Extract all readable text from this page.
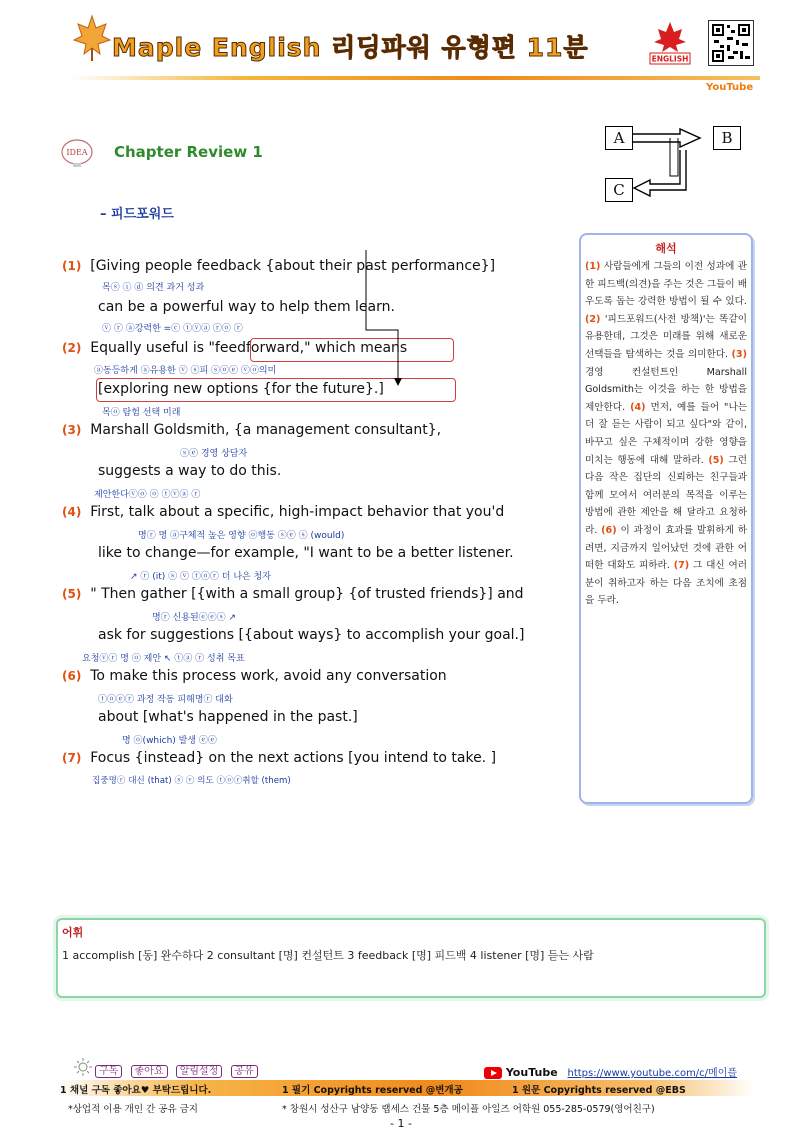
Maple English 리딩파워 유형편 11분	ENGLISH
YouTube
IDEA Chapter Review 1
– 피드포워드
A	B
C
(1) [Giving people feedback {about their past performance}]
목ⓢ ⓘ ⓓ 의견 과거 성과
can be a powerful way to help them learn.
ⓥ ⓡ ⓐ강력한 =ⓒ ⓣⓥⓐ ⓡⓞ ⓡ
(2) Equally useful is "feedforward," which means
ⓐ동등하게 ⓐ유용한 ⓥ ⓢ피 ⓢⓞⓔ ⓥⓞ의미
[exploring new options {for the future}.]
목ⓞ 탐험 선택 미래
(3) Marshall Goldsmith, {a management consultant},
ⓢⓔ 경영 상담자
suggests a way to do this.
제안한다ⓥⓞ ⓞ ⓣⓥⓐ ⓡ
(4) First, talk about a specific, high-impact behavior that you'd
명ⓡ 명 ⓐ구체적 높은 영향 ⓞ행동 ⓢⓔ ⓢ (would)
like to change—for example, "I want to be a better listener.
↗ ⓡ (it) ⓢ ⓥ ⓣⓞⓡ 더 나은 청자
(5) " Then gather [{with a small group} {of trusted friends}] and
명ⓡ 신용된ⓔⓔⓢ ↗
ask for suggestions [{about ways} to accomplish your goal.]
요청ⓥⓡ 명 ⓞ 제안 ↖ ⓣⓐ ⓡ 성취 목표
(6) To make this process work, avoid any conversation
ⓣⓞⓔⓡ 과정 작동 피해명ⓡ 대화
about [what's happened in the past.]
명 ⓞ(which) 발생 ⓔⓔ
(7) Focus {instead} on the next actions [you intend to take. ]
집중명ⓡ 대신 (that) ⓢ ⓥ 의도 ⓣⓞⓡ취할 (them)
해석
(1) 사람들에게 그들의 이전 성과에 관한 피드백(의견)을 주는 것은 그들이 배우도록 돕는 강력한 방법이 될 수 있다. (2) '피드포워드(사전 방책)'는 똑같이 유용한데, 그것은 미래를 위해 새로운 선택들을 탐색하는 것을 의미한다. (3) 경영 컨설턴트인 Marshall Goldsmith는 이것을 하는 한 방법을 제안한다. (4) 먼저, 예를 들어 "나는 더 잘 듣는 사람이 되고 싶다"와 같이, 바꾸고 싶은 구체적이며 강한 영향을 미치는 행동에 대해 말하라. (5) 그런 다음 작은 집단의 신뢰하는 친구들과 함께 모여서 여러분의 목적을 이루는 방법에 관한 제안을 해 달라고 요청하라. (6) 이 과정이 효과를 발휘하게 하려면, 지금까지 일어났던 것에 관한 어떠한 대화도 피하라. (7) 그 대신 여러분이 취하고자 하는 다음 조치에 초점을 두라.
어휘
1 accomplish [동] 완수하다 2 consultant [명] 컨설턴트 3 feedback [명] 피드백 4 listener [명] 듣는 사람
구독 좋아요 알림설정 공유	YouTube https://www.youtube.com/c/메이플
1 채널 구독 좋아요♥ 부탁드립니다.	1 필기 Copyrights reserved @변개공	1 원문 Copyrights reserved @EBS
*상업적 이용 개인 간 공유 금지	* 창원시 성산구 남양동 랩세스 건물 5층 메이플 아일즈 어학원 055-285-0579(영어친구)
- 1 -
